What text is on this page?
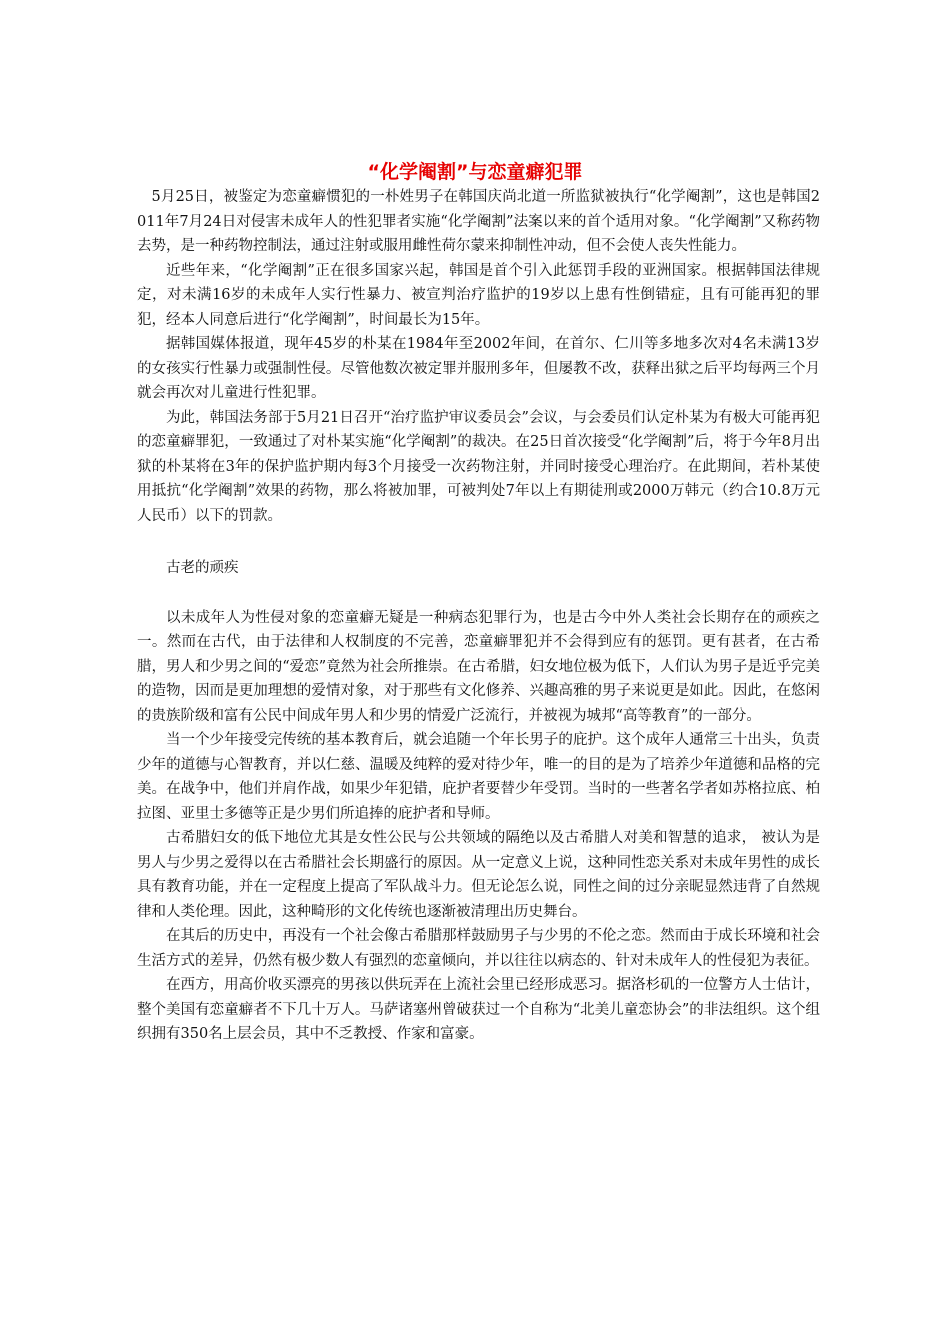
“化学阉割”与恋童癖犯罪

5月25日，被鉴定为恋童癖惯犯的一朴姓男子在韩国庆尚北道一所监狱被执行“化学阉割”，这也是韩国2011年7月24日对侵害未成年人的性犯罪者实施“化学阉割”法案以来的首个适用对象。“化学阉割”又称药物去势，是一种药物控制法，通过注射或服用雌性荷尔蒙来抑制性冲动，但不会使人丧失性能力。

近些年来，“化学阉割”正在很多国家兴起，韩国是首个引入此惩罚手段的亚洲国家。根据韩国法律规定，对未满16岁的未成年人实行性暴力、被宣判治疗监护的19岁以上患有性倒错症，且有可能再犯的罪犯，经本人同意后进行“化学阉割”，时间最长为15年。

据韩国媒体报道，现年45岁的朴某在1984年至2002年间，在首尔、仁川等多地多次对4名未满13岁的女孩实行性暴力或强制性侵。尽管他数次被定罪并服刑多年，但屡教不改，获释出狱之后平均每两三个月就会再次对儿童进行性犯罪。

为此，韩国法务部于5月21日召开“治疗监护审议委员会”会议，与会委员们认定朴某为有极大可能再犯的恋童癖罪犯，一致通过了对朴某实施“化学阉割”的裁决。在25日首次接受“化学阉割”后，将于今年8月出狱的朴某将在3年的保护监护期内每3个月接受一次药物注射，并同时接受心理治疗。在此期间，若朴某使用抵抗“化学阉割”效果的药物，那么将被加罪，可被判处7年以上有期徒刑或2000万韩元（约合10.8万元人民币）以下的罚款。

古老的顽疾

以未成年人为性侵对象的恋童癖无疑是一种病态犯罪行为，也是古今中外人类社会长期存在的顽疾之一。然而在古代，由于法律和人权制度的不完善，恋童癖罪犯并不会得到应有的惩罚。更有甚者，在古希腊，男人和少男之间的“爱恋”竟然为社会所推崇。在古希腊，妇女地位极为低下，人们认为男子是近乎完美的造物，因而是更加理想的爱情对象，对于那些有文化修养、兴趣高雅的男子来说更是如此。因此，在悠闲的贵族阶级和富有公民中间成年男人和少男的情爱广泛流行，并被视为城邦“高等教育”的一部分。

当一个少年接受完传统的基本教育后，就会追随一个年长男子的庇护。这个成年人通常三十出头，负责少年的道德与心智教育，并以仁慈、温暖及纯粹的爱对待少年，唯一的目的是为了培养少年道德和品格的完美。在战争中，他们并肩作战，如果少年犯错，庇护者要替少年受罚。当时的一些著名学者如苏格拉底、柏拉图、亚里士多德等正是少男们所追捧的庇护者和导师。

古希腊妇女的低下地位尤其是女性公民与公共领域的隔绝以及古希腊人对美和智慧的追求， 被认为是男人与少男之爱得以在古希腊社会长期盛行的原因。从一定意义上说，这种同性恋关系对未成年男性的成长具有教育功能，并在一定程度上提高了军队战斗力。但无论怎么说，同性之间的过分亲昵显然违背了自然规律和人类伦理。因此，这种畸形的文化传统也逐渐被清理出历史舞台。

在其后的历史中，再没有一个社会像古希腊那样鼓励男子与少男的不伦之恋。然而由于成长环境和社会生活方式的差异，仍然有极少数人有强烈的恋童倾向，并以往往以病态的、针对未成年人的性侵犯为表征。

在西方，用高价收买漂亮的男孩以供玩弄在上流社会里已经形成恶习。据洛杉矶的一位警方人士估计，整个美国有恋童癖者不下几十万人。马萨诸塞州曾破获过一个自称为“北美儿童恋协会”的非法组织。这个组织拥有350名上层会员，其中不乏教授、作家和富豪。
